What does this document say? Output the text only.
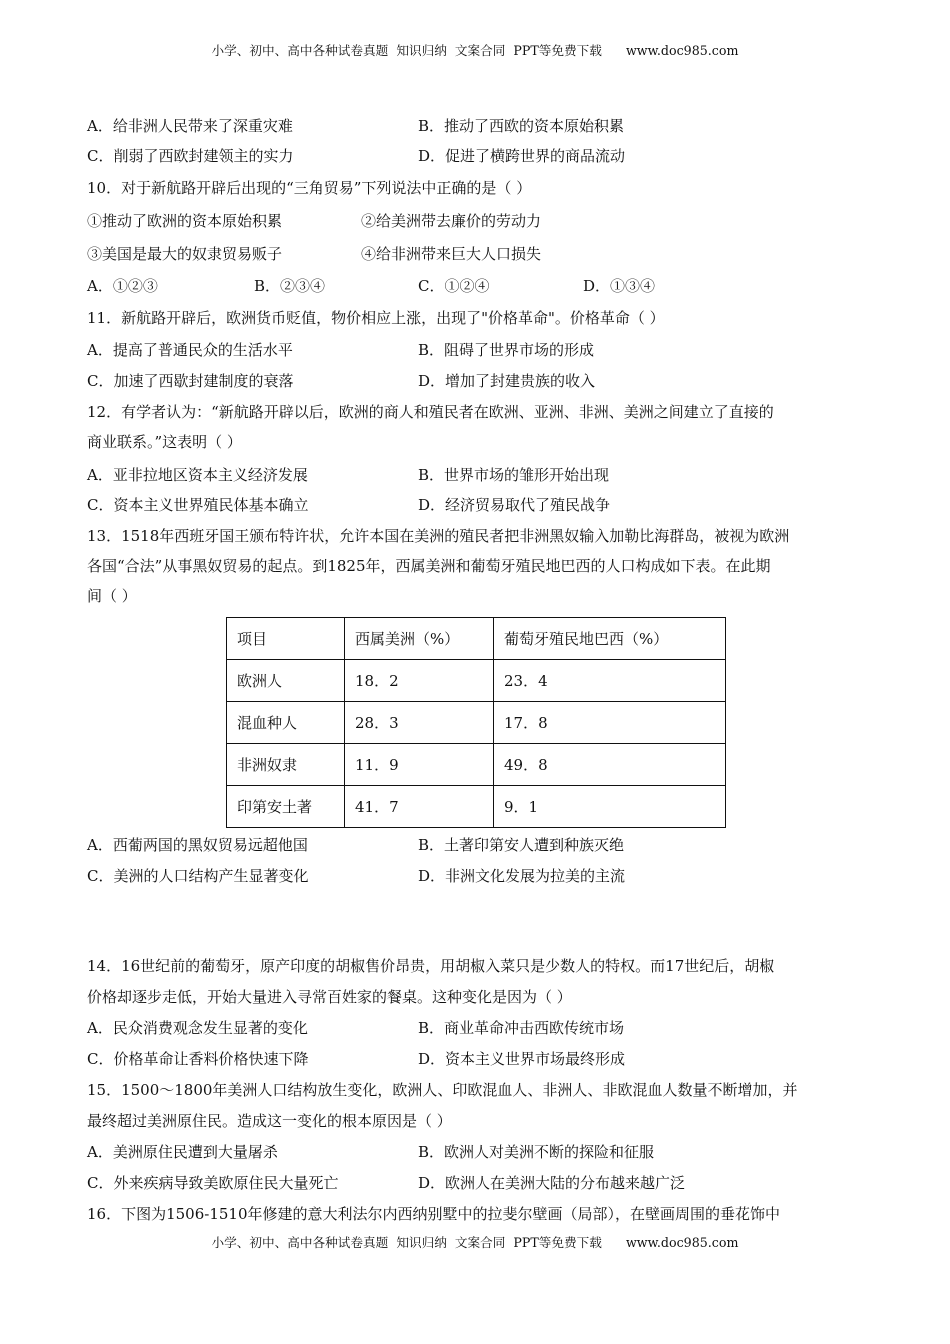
小学、初中、高中各种试卷真题  知识归纳  文案合同  PPT等免费下载      www.doc985.com
A．给非洲人民带来了深重灾难	B．推动了西欧的资本原始积累
C．削弱了西欧封建领主的实力	D．促进了横跨世界的商品流动
10．对于新航路开辟后出现的“三角贸易”下列说法中正确的是（ ）
①推动了欧洲的资本原始积累	②给美洲带去廉价的劳动力
③美国是最大的奴隶贸易贩子	④给非洲带来巨大人口损失
A．①②③	B．②③④	C．①②④	D．①③④
11．新航路开辟后，欧洲货币贬值，物价相应上涨，出现了"价格革命"。价格革命（ ）
A．提高了普通民众的生活水平	B．阻碍了世界市场的形成
C．加速了西歇封建制度的衰落	D．增加了封建贵族的收入
12．有学者认为：“新航路开辟以后，欧洲的商人和殖民者在欧洲、亚洲、非洲、美洲之间建立了直接的
商业联系。”这表明（ ）
A．亚非拉地区资本主义经济发展	B．世界市场的雏形开始出现
C．资本主义世界殖民体基本确立	D．经济贸易取代了殖民战争
13．1518年西班牙国王颁布特许状，允许本国在美洲的殖民者把非洲黑奴输入加勒比海群岛，被视为欧洲
各国“合法”从事黑奴贸易的起点。到1825年，西属美洲和葡萄牙殖民地巴西的人口构成如下表。在此期
间（ ）
项目	西属美洲（%）	葡萄牙殖民地巴西（%）
欧洲人	18．2	23．4
混血种人	28．3	17．8
非洲奴隶	11．9	49．8
印第安土著	41．7	9．1
A．西葡两国的黑奴贸易远超他国	B．土著印第安人遭到种族灭绝
C．美洲的人口结构产生显著变化	D．非洲文化发展为拉美的主流
14．16世纪前的葡萄牙，原产印度的胡椒售价昂贵，用胡椒入菜只是少数人的特权。而17世纪后，胡椒
价格却逐步走低，开始大量进入寻常百姓家的餐桌。这种变化是因为（ ）
A．民众消费观念发生显著的变化	B．商业革命冲击西欧传统市场
C．价格革命让香料价格快速下降	D．资本主义世界市场最终形成
15．1500～1800年美洲人口结构放生变化，欧洲人、印欧混血人、非洲人、非欧混血人数量不断增加，并
最终超过美洲原住民。造成这一变化的根本原因是（ ）
A．美洲原住民遭到大量屠杀	B．欧洲人对美洲不断的探险和征服
C．外来疾病导致美欧原住民大量死亡	D．欧洲人在美洲大陆的分布越来越广泛
16．下图为1506-1510年修建的意大利法尔内西纳别墅中的拉斐尔壁画（局部），在壁画周围的垂花饰中
小学、初中、高中各种试卷真题  知识归纳  文案合同  PPT等免费下载      www.doc985.com
